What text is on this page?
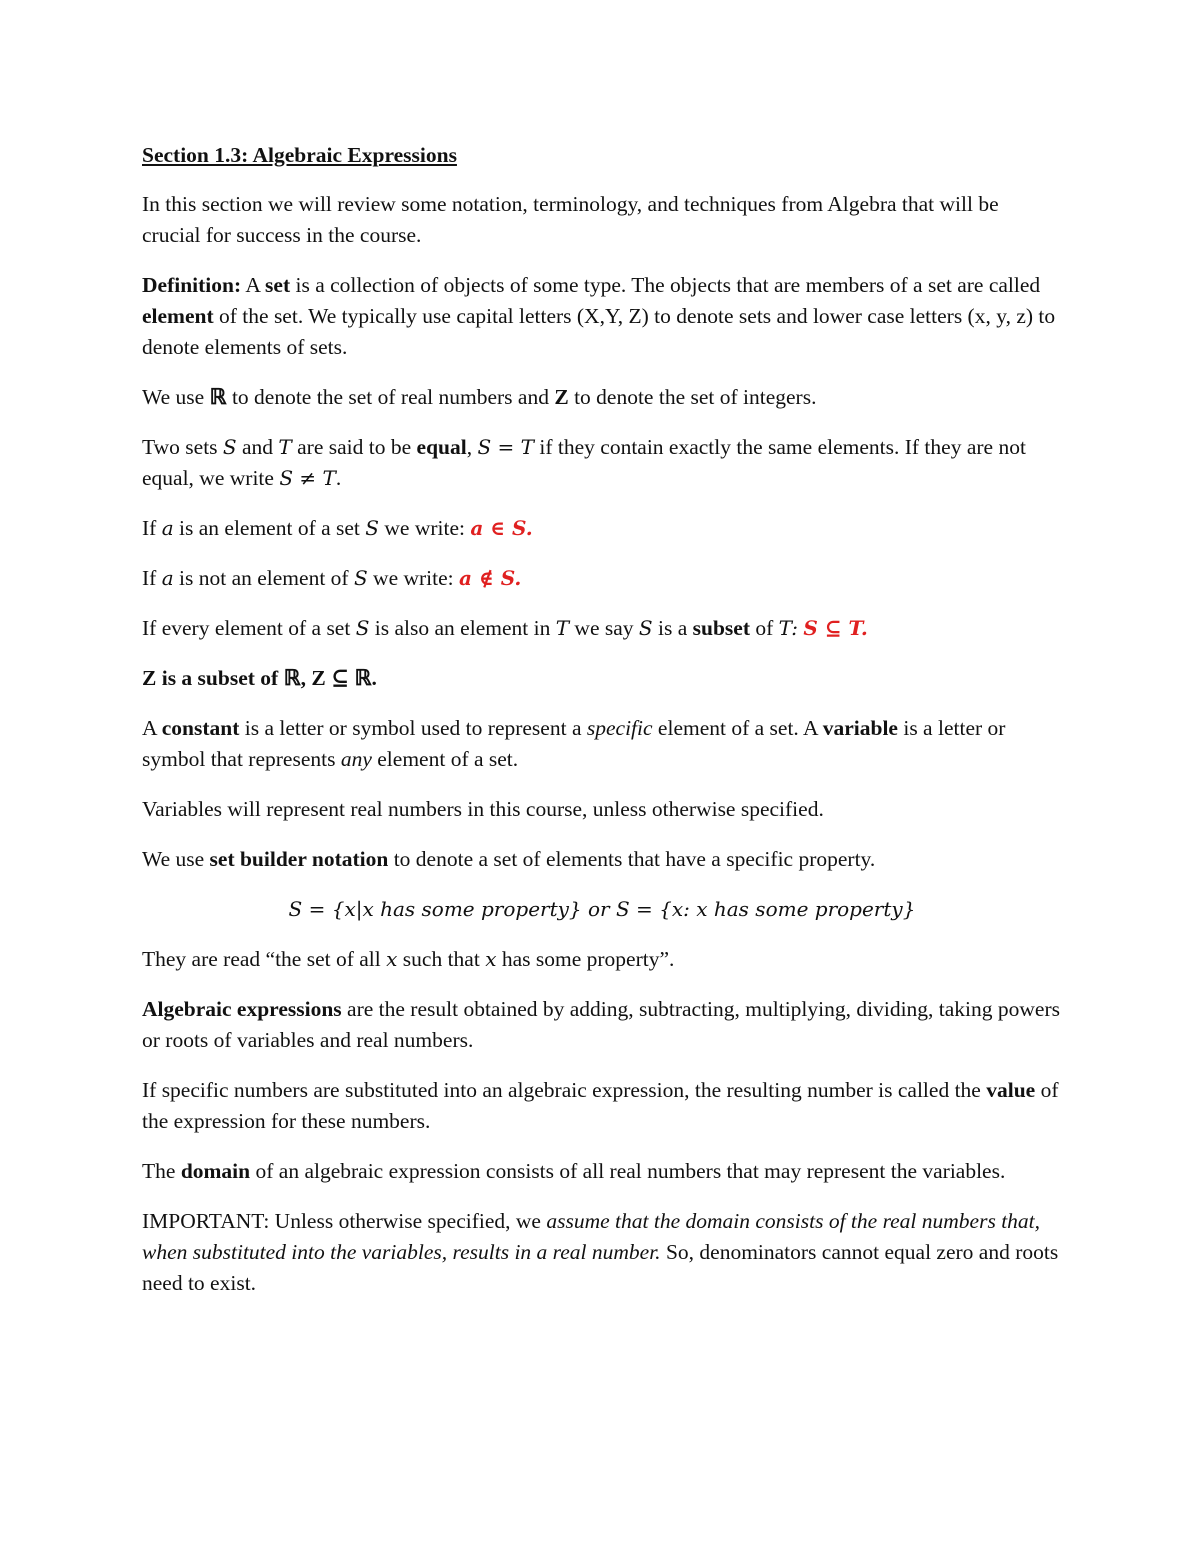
Section 1.3: Algebraic Expressions

In this section we will review some notation, terminology, and techniques from Algebra that will be crucial for success in the course.

Definition: A set is a collection of objects of some type. The objects that are members of a set are called element of the set. We typically use capital letters (X,Y, Z) to denote sets and lower case letters (x, y, z) to denote elements of sets.

We use ℝ to denote the set of real numbers and Z to denote the set of integers.

Two sets S and T are said to be equal, S = T if they contain exactly the same elements. If they are not equal, we write S ≠ T.

If a is an element of a set S we write: a ∈ S.

If a is not an element of S we write: a ∉ S.

If every element of a set S is also an element in T we say S is a subset of T: S ⊆ T.

Z is a subset of ℝ, Z ⊆ ℝ.

A constant is a letter or symbol used to represent a specific element of a set. A variable is a letter or symbol that represents any element of a set.

Variables will represent real numbers in this course, unless otherwise specified.

We use set builder notation to denote a set of elements that have a specific property.

S = {x|x has some property} or S = {x: x has some property}

They are read “the set of all x such that x has some property”.

Algebraic expressions are the result obtained by adding, subtracting, multiplying, dividing, taking powers or roots of variables and real numbers.

If specific numbers are substituted into an algebraic expression, the resulting number is called the value of the expression for these numbers.

The domain of an algebraic expression consists of all real numbers that may represent the variables.

IMPORTANT: Unless otherwise specified, we assume that the domain consists of the real numbers that, when substituted into the variables, results in a real number. So, denominators cannot equal zero and roots need to exist.
